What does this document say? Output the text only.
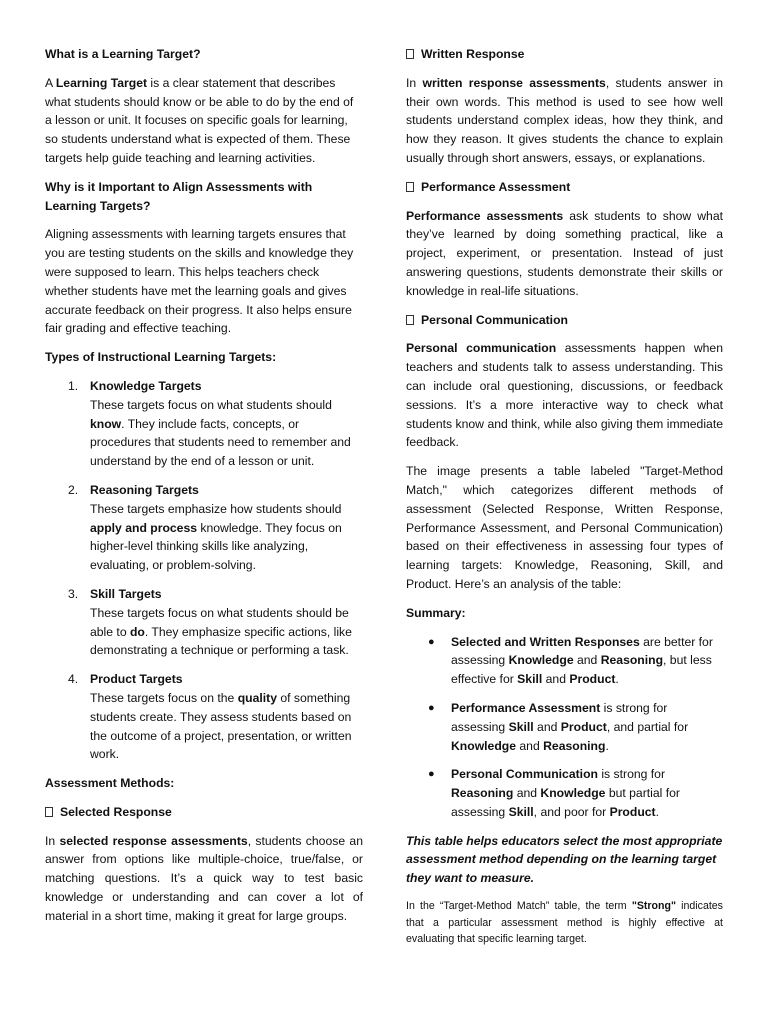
What is a Learning Target?

A Learning Target is a clear statement that describes what students should know or be able to do by the end of a lesson or unit. It focuses on specific goals for learning, so students understand what is expected of them. These targets help guide teaching and learning activities.

Why is it Important to Align Assessments with Learning Targets?

Aligning assessments with learning targets ensures that you are testing students on the skills and knowledge they were supposed to learn. This helps teachers check whether students have met the learning goals and gives accurate feedback on their progress. It also helps ensure fair grading and effective teaching.

Types of Instructional Learning Targets:
1. Knowledge Targets
These targets focus on what students should know. They include facts, concepts, or procedures that students need to remember and understand by the end of a lesson or unit.
2. Reasoning Targets
These targets emphasize how students should apply and process knowledge. They focus on higher-level thinking skills like analyzing, evaluating, or problem-solving.
3. Skill Targets
These targets focus on what students should be able to do. They emphasize specific actions, like demonstrating a technique or performing a task.
4. Product Targets
These targets focus on the quality of something students create. They assess students based on the outcome of a project, presentation, or written work.
Assessment Methods:
Selected Response

In selected response assessments, students choose an answer from options like multiple-choice, true/false, or matching questions. It’s a quick way to test basic knowledge or understanding and can cover a lot of material in a short time, making it great for large groups.

Written Response

In written response assessments, students answer in their own words. This method is used to see how well students understand complex ideas, how they think, and how they reason. It gives students the chance to explain usually through short answers, essays, or explanations.

Performance Assessment

Performance assessments ask students to show what they’ve learned by doing something practical, like a project, experiment, or presentation. Instead of just answering questions, students demonstrate their skills or knowledge in real-life situations.

Personal Communication

Personal communication assessments happen when teachers and students talk to assess understanding. This can include oral questioning, discussions, or feedback sessions. It’s a more interactive way to check what students know and think, while also giving them immediate feedback.

The image presents a table labeled "Target-Method Match," which categorizes different methods of assessment (Selected Response, Written Response, Performance Assessment, and Personal Communication) based on their effectiveness in assessing four types of learning targets: Knowledge, Reasoning, Skill, and Product. Here’s an analysis of the table:

Summary:
● Selected and Written Responses are better for assessing Knowledge and Reasoning, but less effective for Skill and Product.
● Performance Assessment is strong for assessing Skill and Product, and partial for Knowledge and Reasoning.
● Personal Communication is strong for Reasoning and Knowledge but partial for assessing Skill, and poor for Product.

This table helps educators select the most appropriate assessment method depending on the learning target they want to measure.

In the “Target-Method Match” table, the term "Strong" indicates that a particular assessment method is highly effective at evaluating that specific learning target.
